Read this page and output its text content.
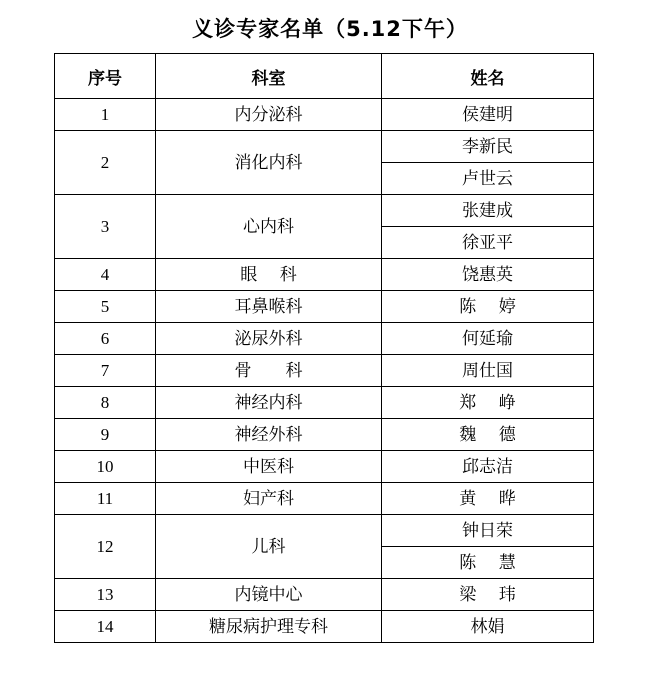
义诊专家名单（5.12下午）
序号	科室	姓名
1	内分泌科	侯建明
2	消化内科	李新民
		卢世云
3	心内科	张建成
		徐亚平
4	眼　 科	饶惠英
5	耳鼻喉科	陈　 婷
6	泌尿外科	何延瑜
7	骨　　科	周仕国
8	神经内科	郑　 峥
9	神经外科	魏　 德
10	中医科	邱志洁
11	妇产科	黄　 晔
12	儿科	钟日荣
		陈　 慧
13	内镜中心	梁　 玮
14	糖尿病护理专科	林娟
